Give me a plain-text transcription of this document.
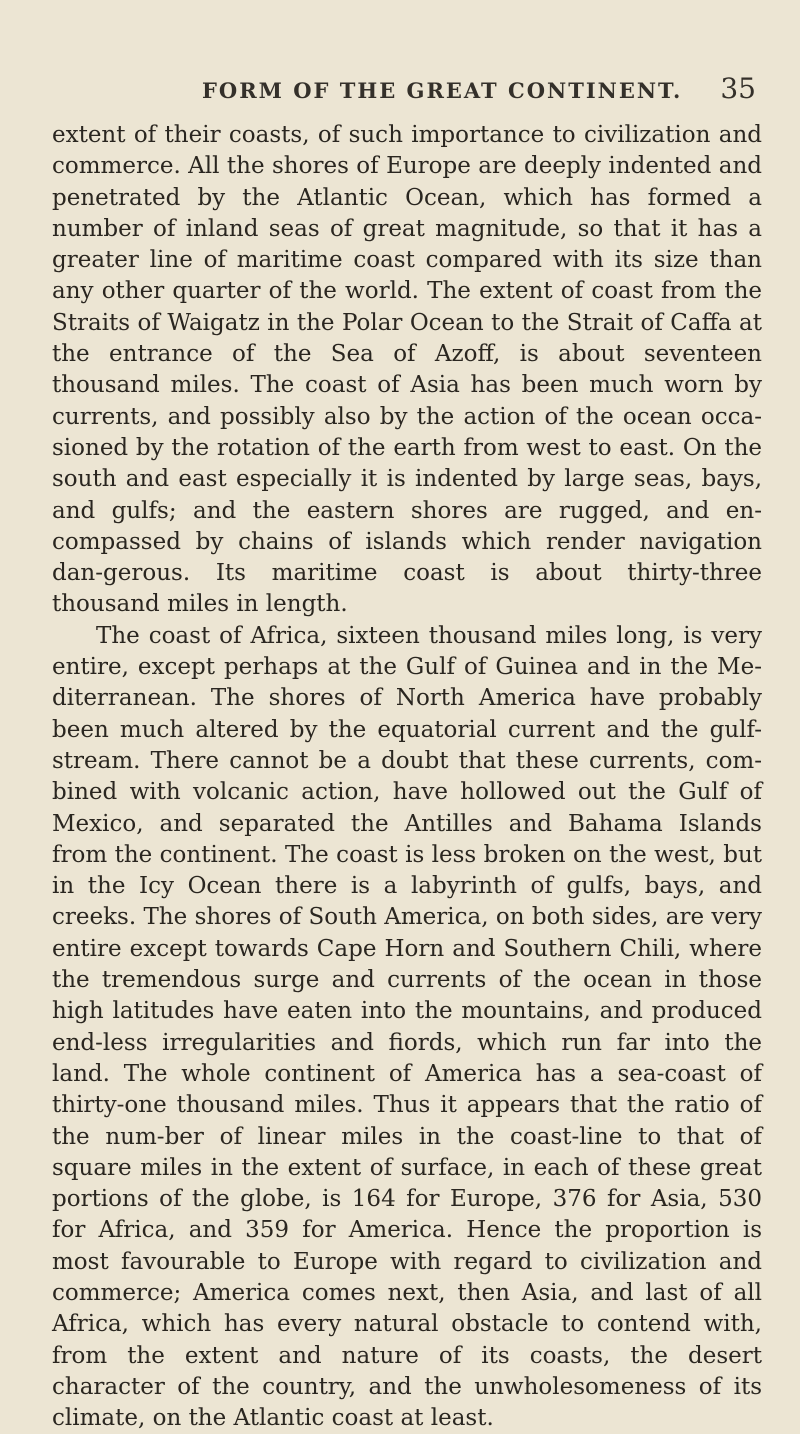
FORM OF THE GREAT CONTINENT. 35

extent of their coasts, of such importance to civilization and commerce. All the shores of Europe are deeply indented and penetrated by the Atlantic Ocean, which has formed a number of inland seas of great magnitude, so that it has a greater line of maritime coast compared with its size than any other quarter of the world. The extent of coast from the Straits of Waigatz in the Polar Ocean to the Strait of Caffa at the entrance of the Sea of Azoff, is about seventeen thousand miles. The coast of Asia has been much worn by currents, and possibly also by the action of the ocean occa-sioned by the rotation of the earth from west to east. On the south and east especially it is indented by large seas, bays, and gulfs; and the eastern shores are rugged, and en-compassed by chains of islands which render navigation dan-gerous. Its maritime coast is about thirty-three thousand miles in length.

The coast of Africa, sixteen thousand miles long, is very entire, except perhaps at the Gulf of Guinea and in the Me-diterranean. The shores of North America have probably been much altered by the equatorial current and the gulf-stream. There cannot be a doubt that these currents, com-bined with volcanic action, have hollowed out the Gulf of Mexico, and separated the Antilles and Bahama Islands from the continent. The coast is less broken on the west, but in the Icy Ocean there is a labyrinth of gulfs, bays, and creeks. The shores of South America, on both sides, are very entire except towards Cape Horn and Southern Chili, where the tremendous surge and currents of the ocean in those high latitudes have eaten into the mountains, and produced end-less irregularities and fiords, which run far into the land. The whole continent of America has a sea-coast of thirty-one thousand miles. Thus it appears that the ratio of the num-ber of linear miles in the coast-line to that of square miles in the extent of surface, in each of these great portions of the globe, is 164 for Europe, 376 for Asia, 530 for Africa, and 359 for America. Hence the proportion is most favourable to Europe with regard to civilization and commerce; America comes next, then Asia, and last of all Africa, which has every natural obstacle to contend with, from the extent and nature of its coasts, the desert character of the country, and the unwholesomeness of its climate, on the Atlantic coast at least.
